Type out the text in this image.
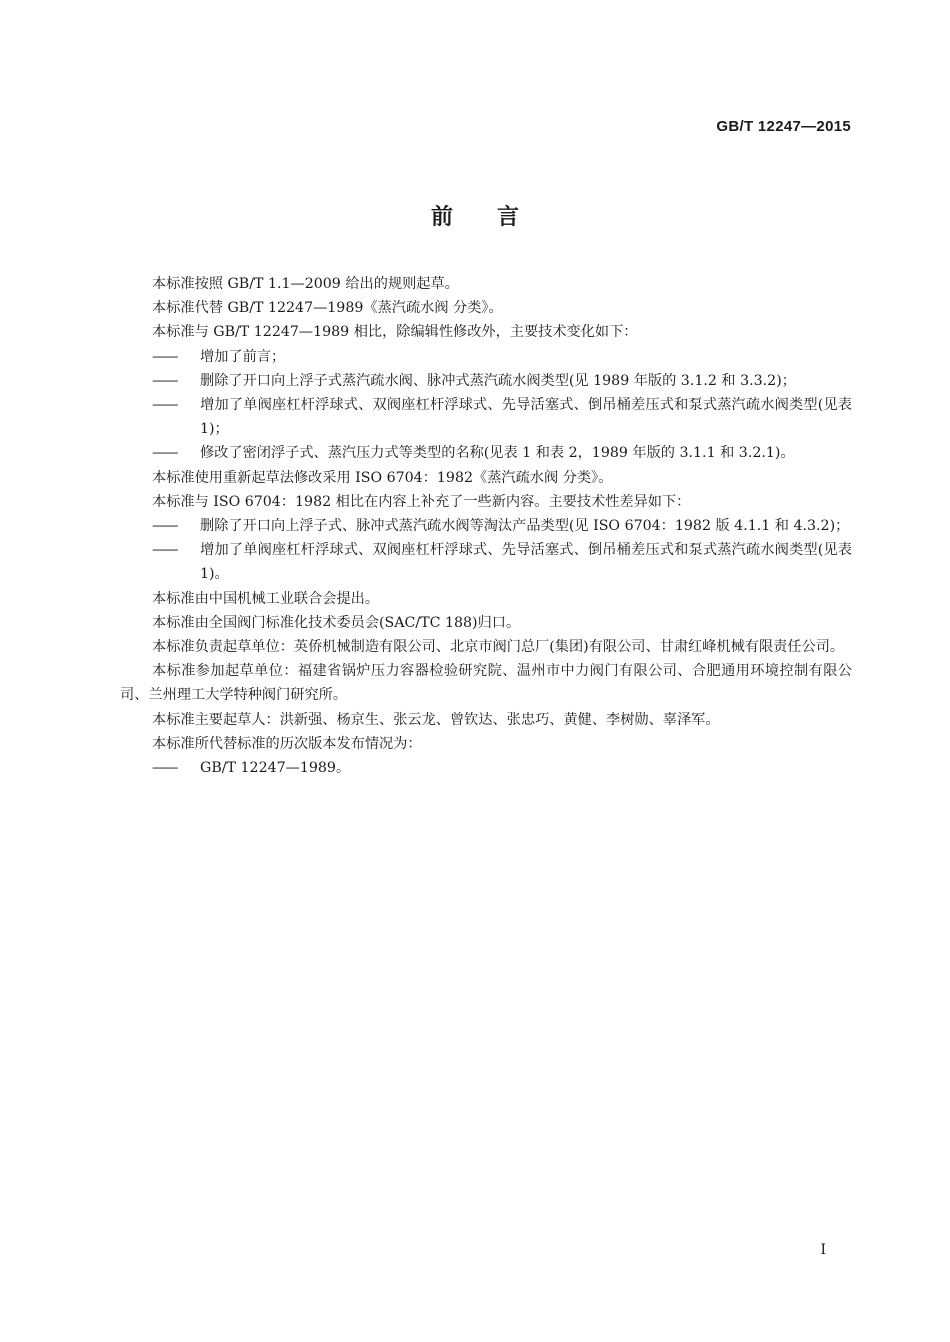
GB/T 12247—2015
前 言

本标准按照 GB/T 1.1—2009 给出的规则起草。

本标准代替 GB/T 12247—1989《蒸汽疏水阀 分类》。

本标准与 GB/T 12247—1989 相比，除编辑性修改外，主要技术变化如下：

—— 增加了前言；

—— 删除了开口向上浮子式蒸汽疏水阀、脉冲式蒸汽疏水阀类型(见 1989 年版的 3.1.2 和 3.3.2)；

—— 增加了单阀座杠杆浮球式、双阀座杠杆浮球式、先导活塞式、倒吊桶差压式和泵式蒸汽疏水阀类型(见表 1)；

—— 修改了密闭浮子式、蒸汽压力式等类型的名称(见表 1 和表 2，1989 年版的 3.1.1 和 3.2.1)。

本标准使用重新起草法修改采用 ISO 6704：1982《蒸汽疏水阀 分类》。

本标准与 ISO 6704：1982 相比在内容上补充了一些新内容。主要技术性差异如下：

—— 删除了开口向上浮子式、脉冲式蒸汽疏水阀等淘汰产品类型(见 ISO 6704：1982 版 4.1.1 和 4.3.2)；

—— 增加了单阀座杠杆浮球式、双阀座杠杆浮球式、先导活塞式、倒吊桶差压式和泵式蒸汽疏水阀类型(见表 1)。

本标准由中国机械工业联合会提出。

本标准由全国阀门标准化技术委员会(SAC/TC 188)归口。

本标准负责起草单位：英侨机械制造有限公司、北京市阀门总厂(集团)有限公司、甘肃红峰机械有限责任公司。

本标准参加起草单位：福建省锅炉压力容器检验研究院、温州市中力阀门有限公司、合肥通用环境控制有限公司、兰州理工大学特种阀门研究所。

本标准主要起草人：洪新强、杨京生、张云龙、曾钦达、张忠巧、黄健、李树勋、辜泽军。

本标准所代替标准的历次版本发布情况为：

—— GB/T 12247—1989。

I
